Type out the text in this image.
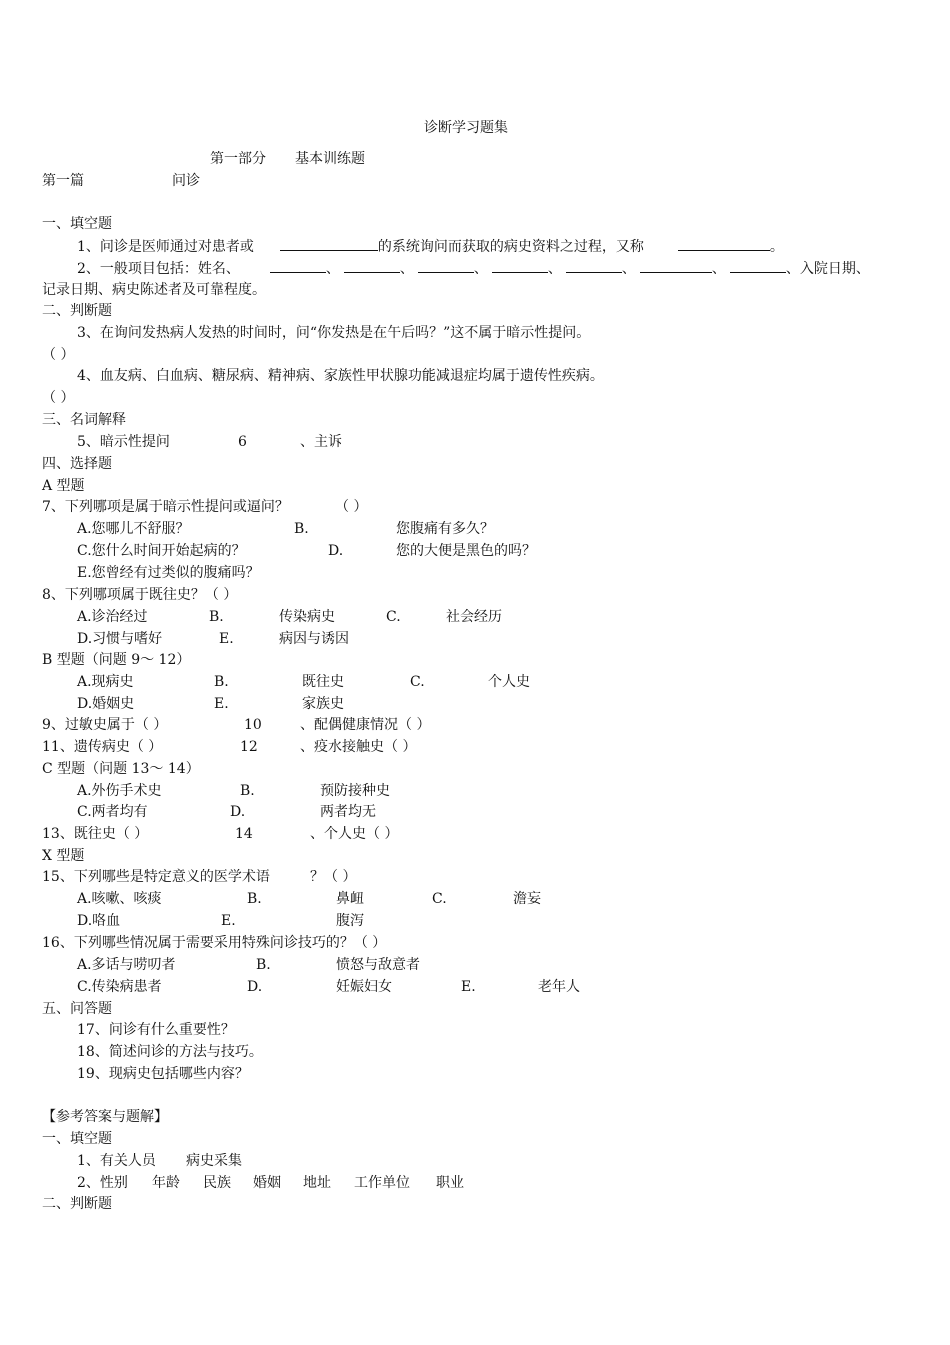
诊断学习题集
第一部分 基本训练题
第一篇	问诊
一、填空题
1、问诊是医师通过对患者或	的系统询问而获取的病史资料之过程，又称	。
2、一般项目包括：姓名、	、	、	、	、	、	、	、入院日期、
记录日期、病史陈述者及可靠程度。
二、判断题
3、在询问发热病人发热的时间时，问“你发热是在午后吗？”这不属于暗示性提问。
（ ）
4、血友病、白血病、糖尿病、精神病、家族性甲状腺功能减退症均属于遗传性疾病。
（ ）
三、名词解释
5、暗示性提问	6	、主诉
四、选择题
A 型题
7、下列哪项是属于暗示性提问或逼问？	（ ）
A.您哪儿不舒服？	B.	您腹痛有多久？
C.您什么时间开始起病的？	D.	您的大便是黑色的吗？
E.您曾经有过类似的腹痛吗？
8、下列哪项属于既往史？（ ）
A.诊治经过	B.	传染病史	C.	社会经历
D.习惯与嗜好	E.	病因与诱因
B 型题（问题 9～ 12）
A.现病史	B.	既往史	C.	个人史
D.婚姻史	E.	家族史
9、过敏史属于（ ）	10	、配偶健康情况（ ）
11、遗传病史（ ）	12	、疫水接触史（ ）
C 型题（问题 13～ 14）
A.外伤手术史	B.	预防接种史
C.两者均有	D.	两者均无
13、既往史（ ）	14	、个人史（ ）
X 型题
15、下列哪些是特定意义的医学术语	？（ ）
A.咳嗽、咳痰	B.	鼻衄	C.	澹妄
D.咯血	E.	腹泻
16、下列哪些情况属于需要采用特殊问诊技巧的？（ ）
A.多话与唠叨者	B.	愤怒与敌意者
C.传染病患者	D.	妊娠妇女	E.	老年人
五、问答题
17、问诊有什么重要性？
18、简述问诊的方法与技巧。
19、现病史包括哪些内容？
【参考答案与题解】
一、填空题
1、有关人员 病史采集
2、性别 年龄 民族 婚姻 地址 工作单位 职业
二、判断题
